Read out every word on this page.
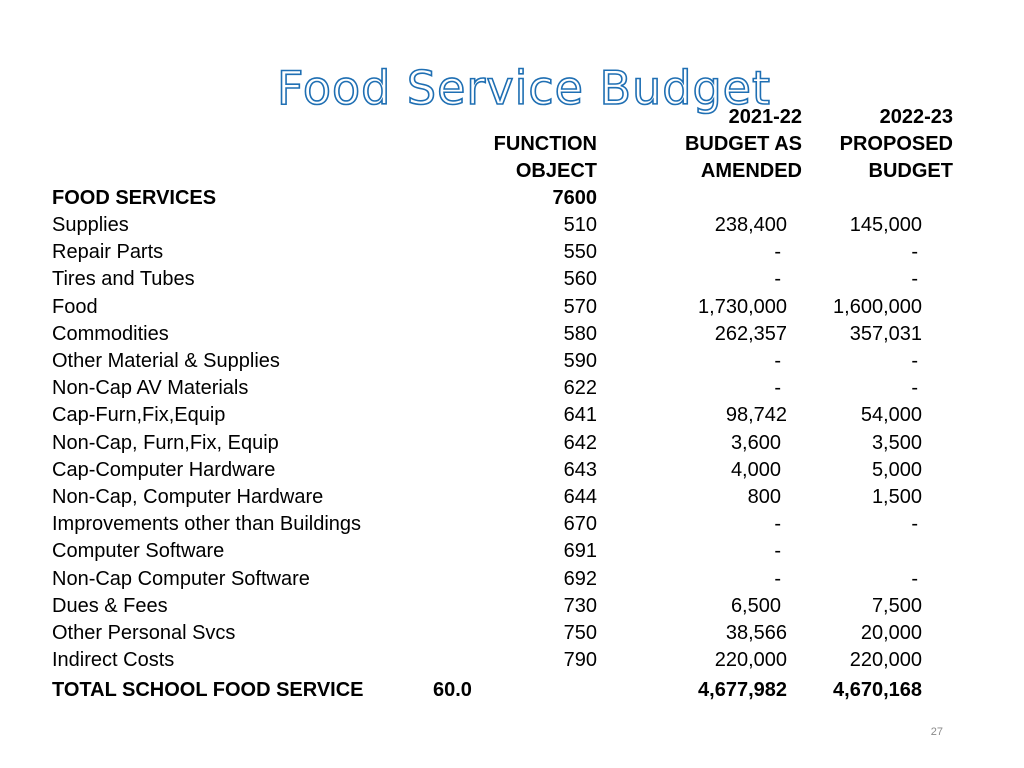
Food Service Budget
FUNCTION
OBJECT
2021-22
BUDGET AS
AMENDED
2022-23
PROPOSED
BUDGET
FOOD SERVICES	7600
Supplies	510	238,400	145,000
Repair Parts	550	-	-
Tires and Tubes	560	-	-
Food	570	1,730,000 1,600,000
Commodities	580	262,357	357,031
Other Material & Supplies	590	-	-
Non-Cap AV Materials	622	-	-
Cap-Furn,Fix,Equip	641	98,742	54,000
Non-Cap, Furn,Fix, Equip	642	3,600	3,500
Cap-Computer Hardware	643	4,000	5,000
Non-Cap, Computer Hardware	644	800	1,500
Improvements other than Buildings	670	-	-
Computer Software	691	-
Non-Cap Computer Software	692	-	-
Dues & Fees	730	6,500	7,500
Other Personal Svcs	750	38,566	20,000
Indirect Costs	790	220,000	220,000
TOTAL SCHOOL FOOD SERVICE	60.0	4,677,982 4,670,168
27
